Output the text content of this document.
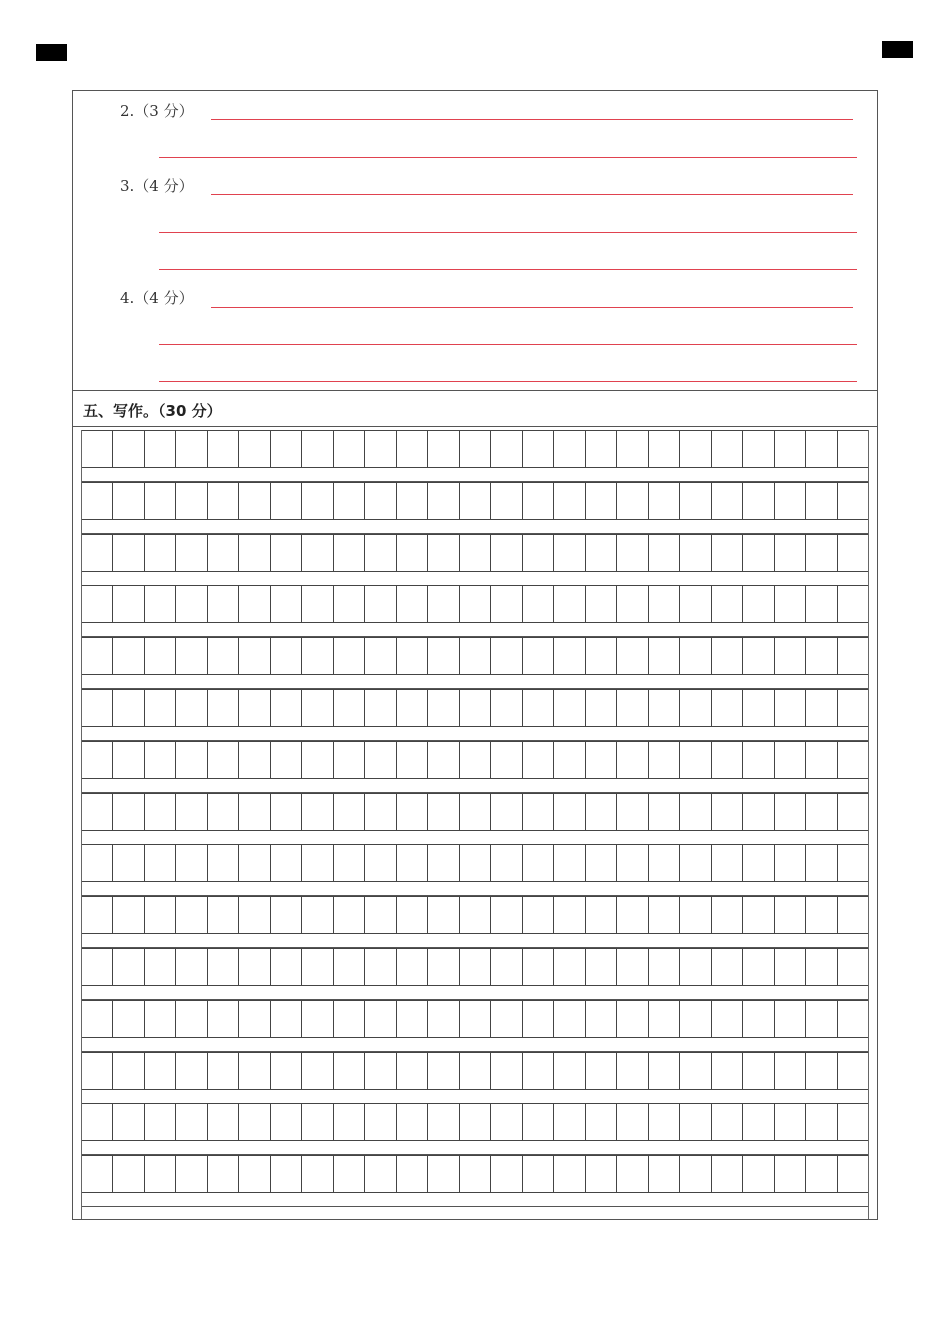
2.（3 分）
3.（4 分）
4.（4 分）
五、写作。（30 分）
